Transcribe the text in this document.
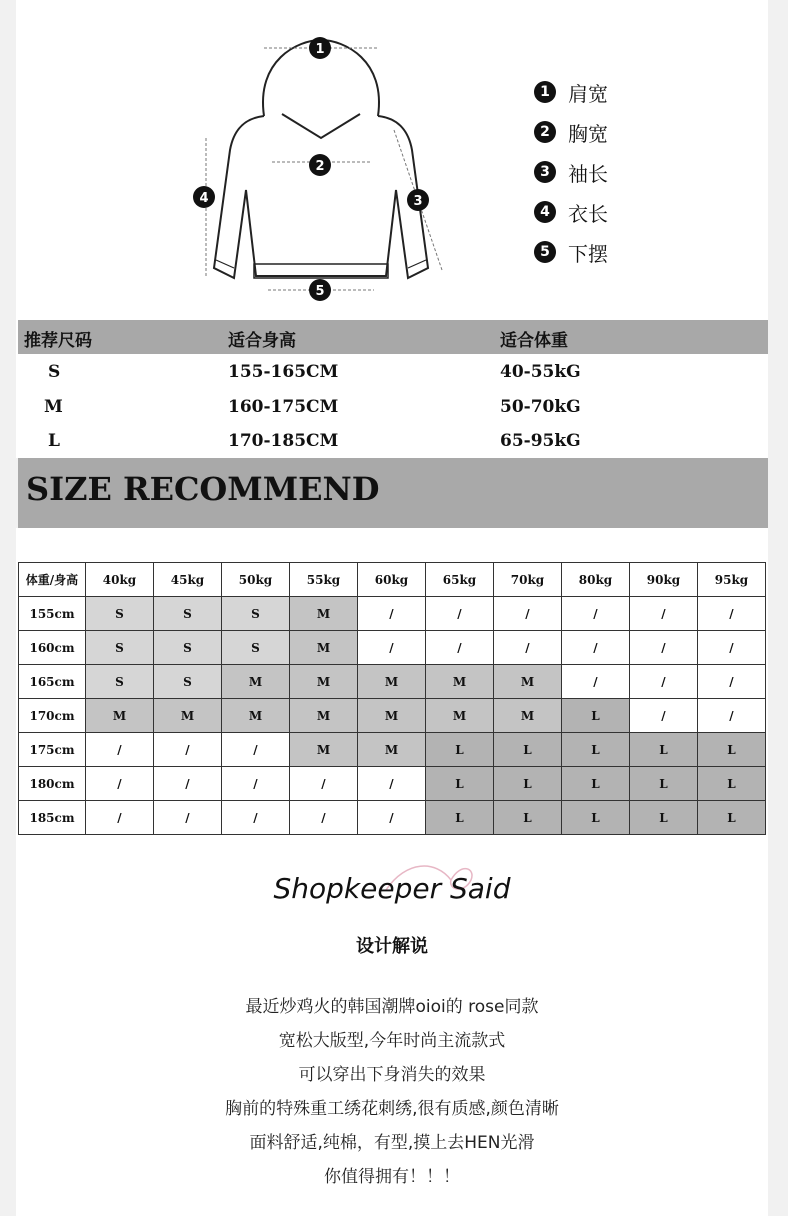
1
2
3
4
5
1 肩宽
2 胸宽
3 袖长
4 衣长
5 下摆
推荐尺码	适合身高	适合体重
S	155-165CM	40-55kG
M	160-175CM	50-70kG
L	170-185CM	65-95kG
SIZE RECOMMEND
体重/身高	40kg	45kg	50kg	55kg	60kg	65kg	70kg	80kg	90kg	95kg
155cm	S	S	S	M	/	/	/	/	/	/
160cm	S	S	S	M	/	/	/	/	/	/
165cm	S	S	M	M	M	M	M	/	/	/
170cm	M	M	M	M	M	M	M	L	/	/
175cm	/	/	/	M	M	L	L	L	L	L
180cm	/	/	/	/	/	L	L	L	L	L
185cm	/	/	/	/	/	L	L	L	L	L
Shopkeeper Said
设计解说
最近炒鸡火的韩国潮牌oioi的 rose同款
宽松大版型,今年时尚主流款式
可以穿出下身消失的效果
胸前的特殊重工绣花刺绣,很有质感,颜色清晰
面料舒适,纯棉，有型,摸上去HEN光滑
你值得拥有！！！
